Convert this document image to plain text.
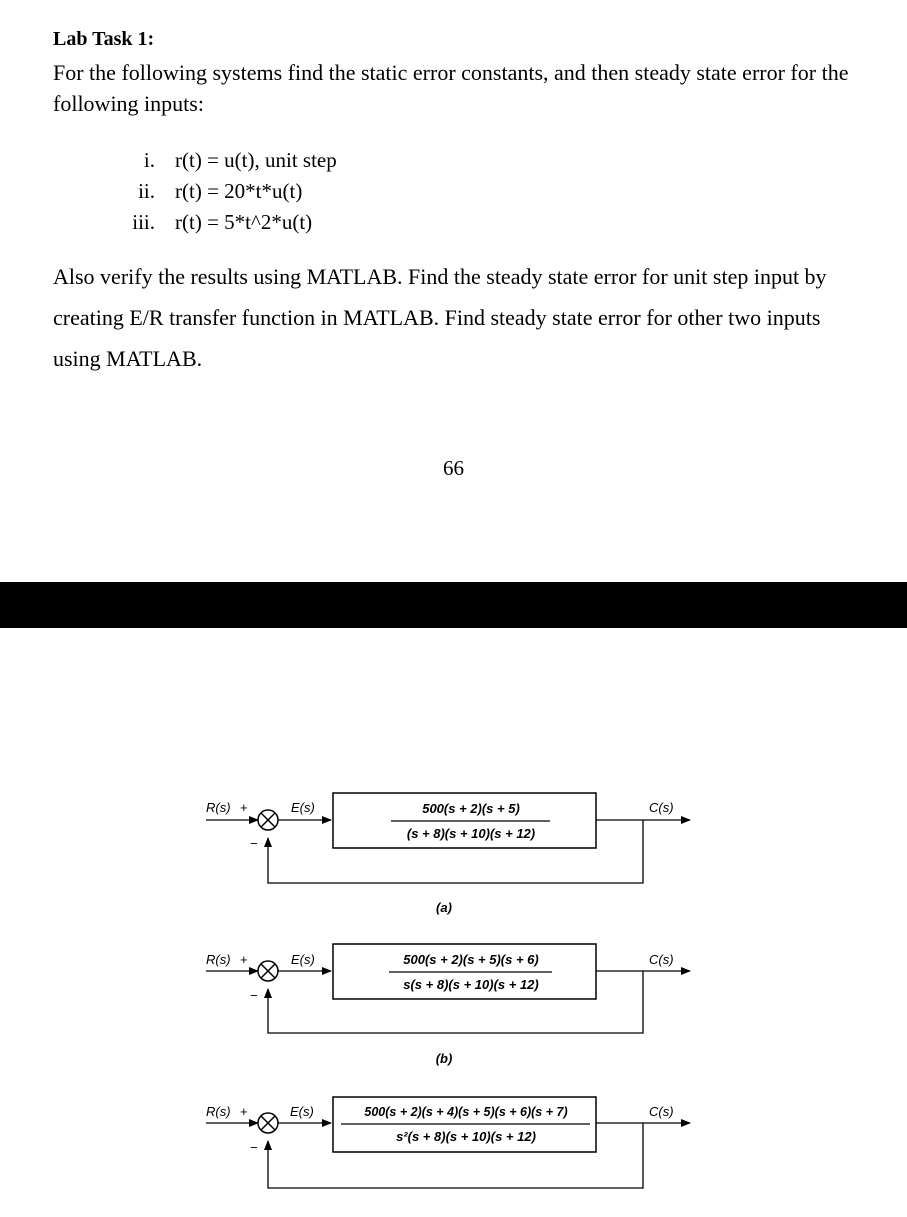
Lab Task 1:
For the following systems find the static error constants, and then steady state error for the following inputs:
i. r(t) = u(t), unit step
ii. r(t) = 20*t*u(t)
iii. r(t) = 5*t^2*u(t)
Also verify the results using MATLAB. Find the steady state error for unit step input by creating E/R transfer function in MATLAB. Find steady state error for other two inputs using MATLAB.
66
R(s) +
−
E(s)	500(s + 2)(s + 5)
(s + 8)(s + 10)(s + 12)
C(s)
(a)
R(s) +
−
E(s)	500(s + 2)(s + 5)(s + 6)
s(s + 8)(s + 10)(s + 12)
C(s)
(b)
R(s) +
−
E(s)	500(s + 2)(s + 4)(s + 5)(s + 6)(s + 7)
s²(s + 8)(s + 10)(s + 12)
C(s)
